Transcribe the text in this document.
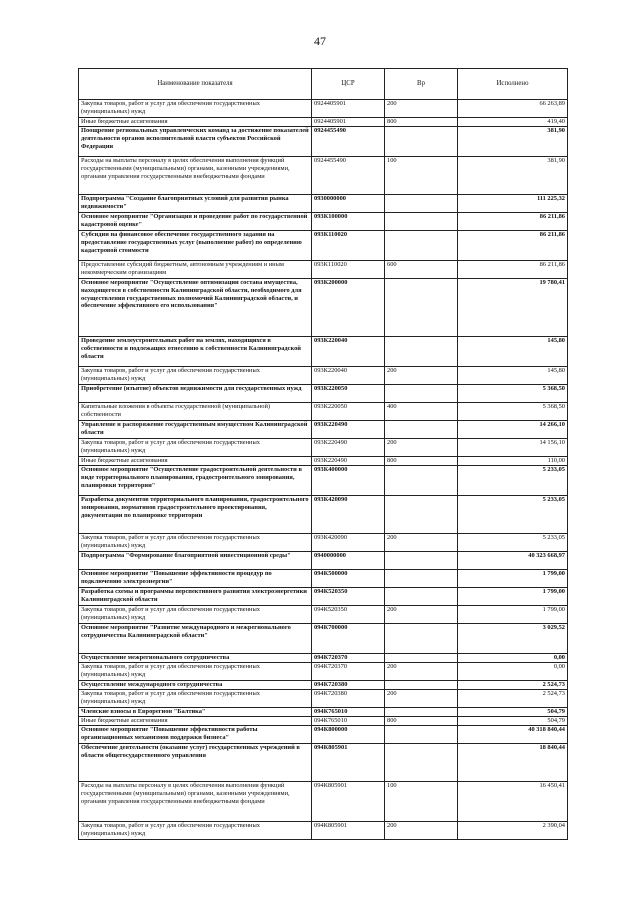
47
Наименование показателя	ЦСР	Вр	Исполнено
Закупка товаров, работ и услуг для обеспечения государственных (муниципальных) нужд	0924405901	200	66 263,89
Иные бюджетные ассигнования	0924405901	800	419,40
Поощрение региональных управленческих команд за достижение показателей деятельности органов исполнительной власти субъектов Российской Федерации	0924455490		381,90
Расходы на выплаты персоналу в целях обеспечения выполнения функций государственными (муниципальными) органами, казенными учреждениями, органами управления государственными внебюджетными фондами	0924455490	100	381,90
Подпрограмма "Создание благоприятных условий для развития рынка недвижимости"	0930000000		111 225,32
Основное мероприятие "Организация и проведение работ по государственной кадастровой оценке"	093К100000		86 211,86
Субсидии на финансовое обеспечение государственного задания на предоставление государственных услуг (выполнение работ) по определению кадастровой стоимости	093К110020		86 211,86
Предоставление субсидий бюджетным, автономным учреждениям и иным некоммерческим организациям	093К110020	600	86 211,86
Основное мероприятие "Осуществление оптимизации состава имущества, находящегося в собственности Калининградской области, необходимого для осуществления государственных полномочий Калининградской области, и обеспечение эффективного его использования"	093К200000		19 780,41
Проведение землеустроительных работ на землях, находящихся в собственности и подлежащих отнесению к собственности Калининградской области	093К220040		145,80
Закупка товаров, работ и услуг для обеспечения государственных (муниципальных) нужд	093К220040	200	145,80
Приобретение (изъятие) объектов недвижимости для государственных нужд	093К220050		5 368,50
Капитальные вложения в объекты государственной (муниципальной) собственности	093К220050	400	5 368,50
Управление и распоряжение государственным имуществом Калининградской области	093К220490		14 266,10
Закупка товаров, работ и услуг для обеспечения государственных (муниципальных) нужд	093К220490	200	14 156,10
Иные бюджетные ассигнования	093К220490	800	110,00
Основное мероприятие "Осуществление градостроительной деятельности в виде территориального планирования, градостроительного зонирования, планировки территории"	093К400000		5 233,05
Разработка документов территориального планирования, градостроительного зонирования, нормативов градостроительного проектирования, документации по планировке территории	093К420090		5 233,05
Закупка товаров, работ и услуг для обеспечения государственных (муниципальных) нужд	093К420090	200	5 233,05
Подпрограмма "Формирование благоприятной инвестиционной среды"	0940000000		40 323 668,97
Основное мероприятие "Повышение эффективности процедур по подключению электроэнергии"	094К500000		1 799,00
Разработка схемы и программы перспективного развития электроэнергетики Калининградской области	094К520350		1 799,00
Закупка товаров, работ и услуг для обеспечения государственных (муниципальных) нужд	094К520350	200	1 799,00
Основное мероприятие "Развитие международного и межрегионального сотрудничества Калининградской области"	094К700000		3 029,52
Осуществление межрегионального сотрудничества	094К720370		0,00
Закупка товаров, работ и услуг для обеспечения государственных (муниципальных) нужд	094К720370	200	0,00
Осуществление международного сотрудничества	094К720380		2 524,73
Закупка товаров, работ и услуг для обеспечения государственных (муниципальных) нужд	094К720380	200	2 524,73
Членские взносы в Еврорегион "Балтика"	094К765010		504,79
Иные бюджетные ассигнования	094К765010	800	504,79
Основное мероприятие "Повышение эффективности работы организационных механизмов поддержки бизнеса"	094К800000		40 318 840,44
Обеспечение деятельности (оказание услуг) государственных учреждений в области общегосударственного управления	094К805901		18 840,44
Расходы на выплаты персоналу в целях обеспечения выполнения функций государственными (муниципальными) органами, казенными учреждениями, органами управления государственными внебюджетными фондами	094К805901	100	16 450,41
Закупка товаров, работ и услуг для обеспечения государственных (муниципальных) нужд	094К805901	200	2 390,04
